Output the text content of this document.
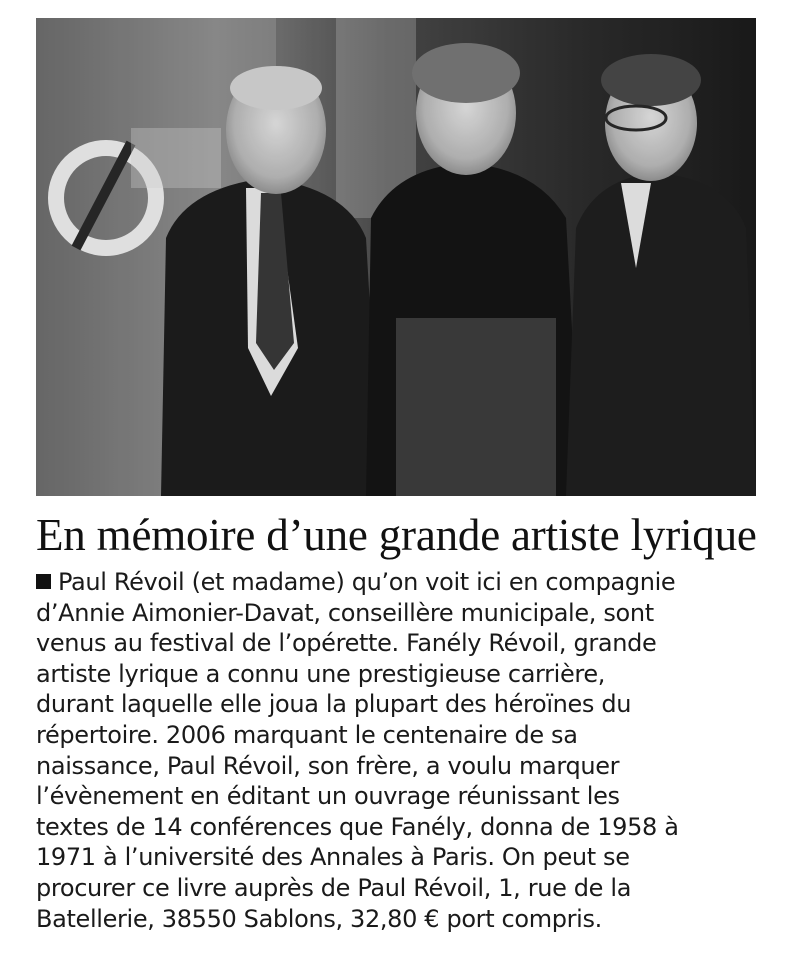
En mémoire d’une grande artiste lyrique
Paul Révoil (et madame) qu’on voit ici en compagnie
d’Annie Aimonier-Davat, conseillère municipale, sont
venus au festival de l’opérette. Fanély Révoil, grande
artiste lyrique a connu une prestigieuse carrière,
durant laquelle elle joua la plupart des héroïnes du
répertoire. 2006 marquant le centenaire de sa
naissance, Paul Révoil, son frère, a voulu marquer
l’évènement en éditant un ouvrage réunissant les
textes de 14 conférences que Fanély, donna de 1958 à
1971 à l’université des Annales à Paris. On peut se
procurer ce livre auprès de Paul Révoil, 1, rue de la
Batellerie, 38550 Sablons, 32,80 € port compris.
